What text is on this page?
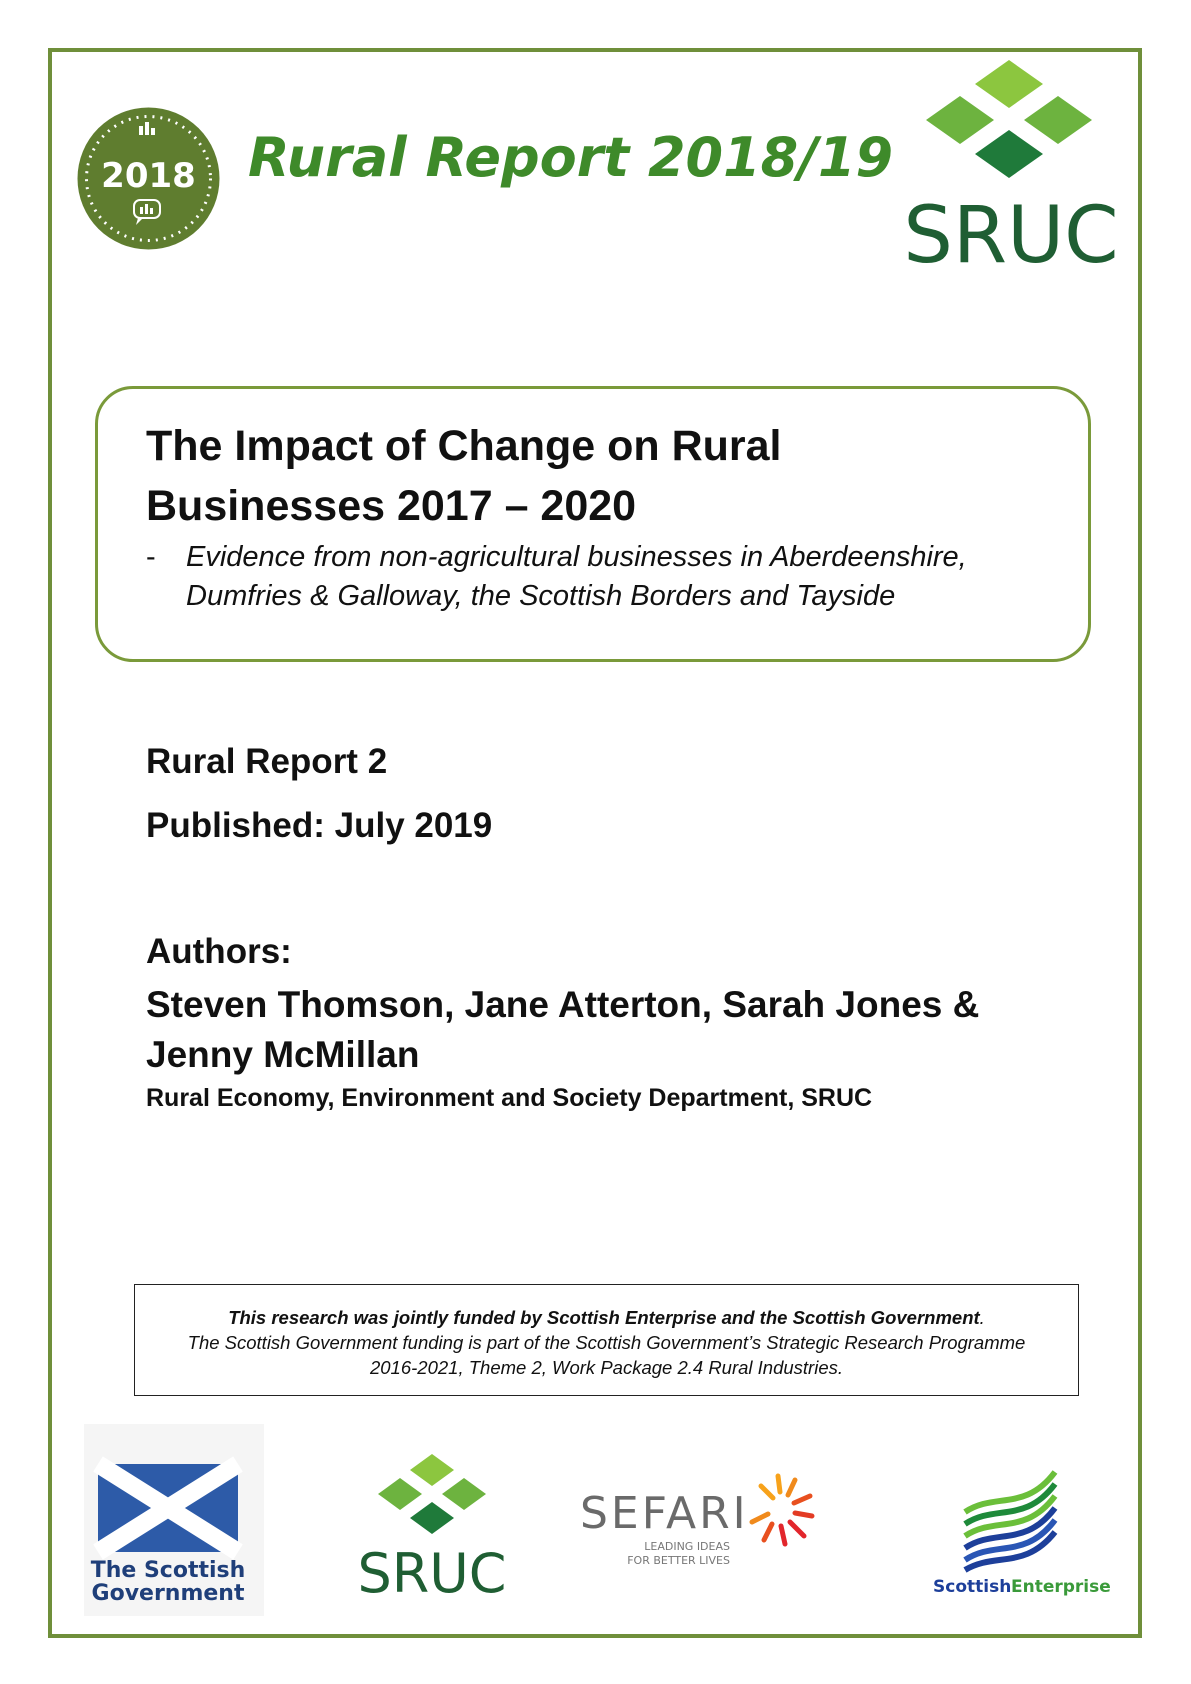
2018 Rural Report 2018/19
SRUC
The Impact of Change on Rural
Businesses 2017 – 2020
- Evidence from non-agricultural businesses in Aberdeenshire,
Dumfries & Galloway, the Scottish Borders and Tayside
Rural Report 2
Published: July 2019
Authors:
Steven Thomson, Jane Atterton, Sarah Jones &
Jenny McMillan
Rural Economy, Environment and Society Department, SRUC
This research was jointly funded by Scottish Enterprise and the Scottish Government.
The Scottish Government funding is part of the Scottish Government’s Strategic Research Programme
2016-2021, Theme 2, Work Package 2.4 Rural Industries.
The Scottish
Government SRUC
SEFARI
LEADING IDEAS
FOR BETTER LIVES
Scottish Enterprise
